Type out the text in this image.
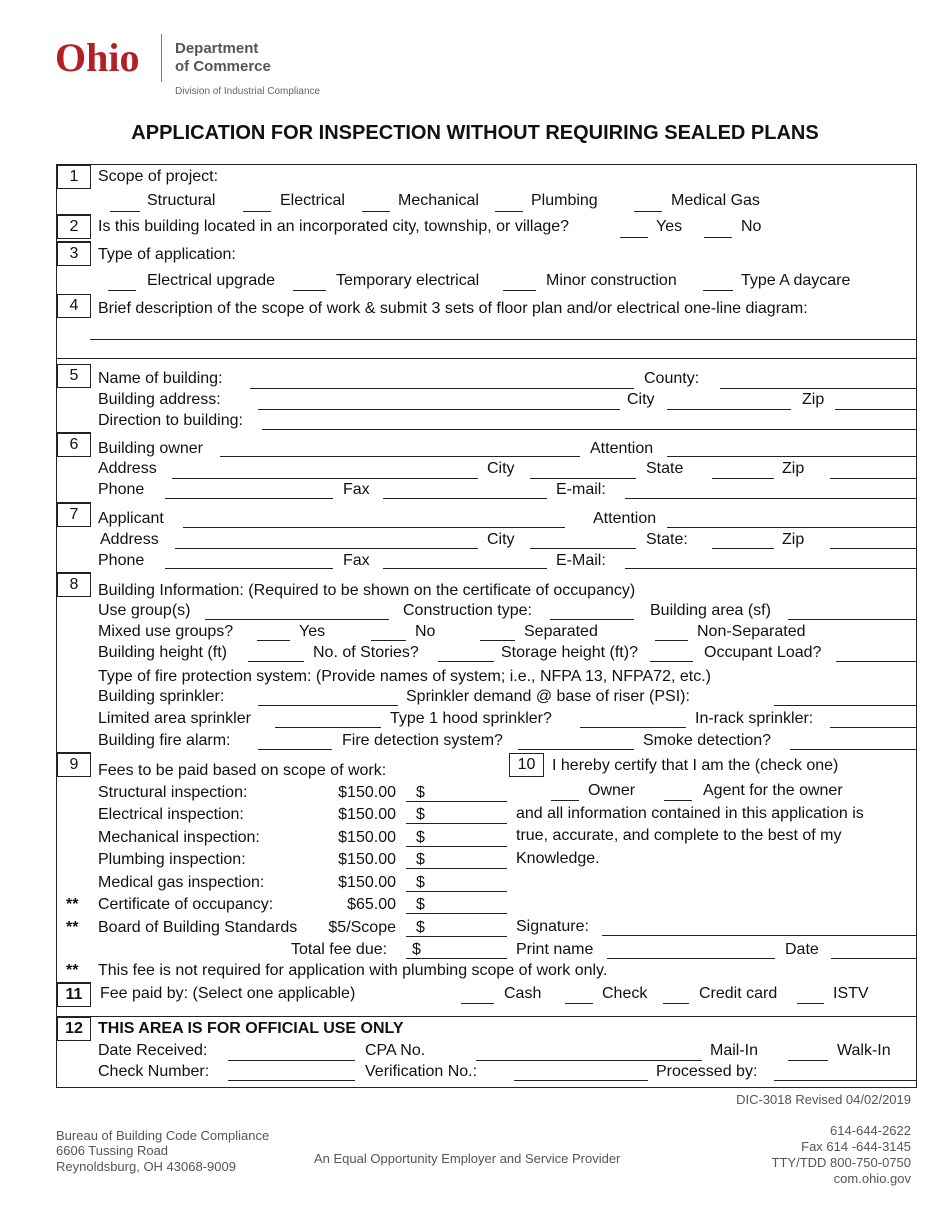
Ohio Department
of Commerce
Division of Industrial Compliance
APPLICATION FOR INSPECTION WITHOUT REQUIRING SEALED PLANS
1	Scope of project:
Structural	Electrical	Mechanical	Plumbing	Medical Gas
2	Is this building located in an incorporated city, township, or village?	Yes	No
3	Type of application:
Electrical upgrade	Temporary electrical	Minor construction	Type A daycare
4	Brief description of the scope of work & submit 3 sets of floor plan and/or electrical one-line diagram:
5	Name of building:	County:
Building address:	City	Zip
Direction to building:
6	Building owner	Attention
Address	City	State	Zip
Phone	Fax	E-mail:
7	Applicant	Attention
Address	City	State:	Zip
Phone	Fax	E-Mail:
8	Building Information: (Required to be shown on the certificate of occupancy)
Use group(s)	Construction type:	Building area (sf)
Mixed use groups?	Yes	No	Separated	Non-Separated
Building height (ft)	No. of Stories?	Storage height (ft)?	Occupant Load?
Type of fire protection system: (Provide names of system; i.e., NFPA 13, NFPA72, etc.)
Building sprinkler:	Sprinkler demand @ base of riser (PSI):
Limited area sprinkler	Type 1 hood sprinkler?	In-rack sprinkler:
Building fire alarm:	Fire detection system?	Smoke detection?
9	Fees to be paid based on scope of work:
Structural inspection:	$150.00 $
Electrical inspection:	$150.00 $
Mechanical inspection:	$150.00 $
Plumbing inspection:	$150.00 $
Medical gas inspection:	$150.00 $
** Certificate of occupancy:	$65.00 $
** Board of Building Standards $5/Scope $
Total fee due: $
** This fee is not required for application with plumbing scope of work only.
10	I hereby certify that I am the (check one)
Owner	Agent for the owner
and all information contained in this application is
true, accurate, and complete to the best of my
Knowledge.
Signature:
Print name	Date
11	Fee paid by: (Select one applicable)	Cash	Check	Credit card	ISTV
12 THIS AREA IS FOR OFFICIAL USE ONLY
Date Received:	CPA No.	Mail-In	Walk-In
Check Number:	Verification No.:	Processed by:
DIC-3018 Revised 04/02/2019
Bureau of Building Code Compliance
6606 Tussing Road
Reynoldsburg, OH 43068-9009
An Equal Opportunity Employer and Service Provider
614-644-2622
Fax 614 -644-3145
TTY/TDD 800-750-0750
com.ohio.gov
